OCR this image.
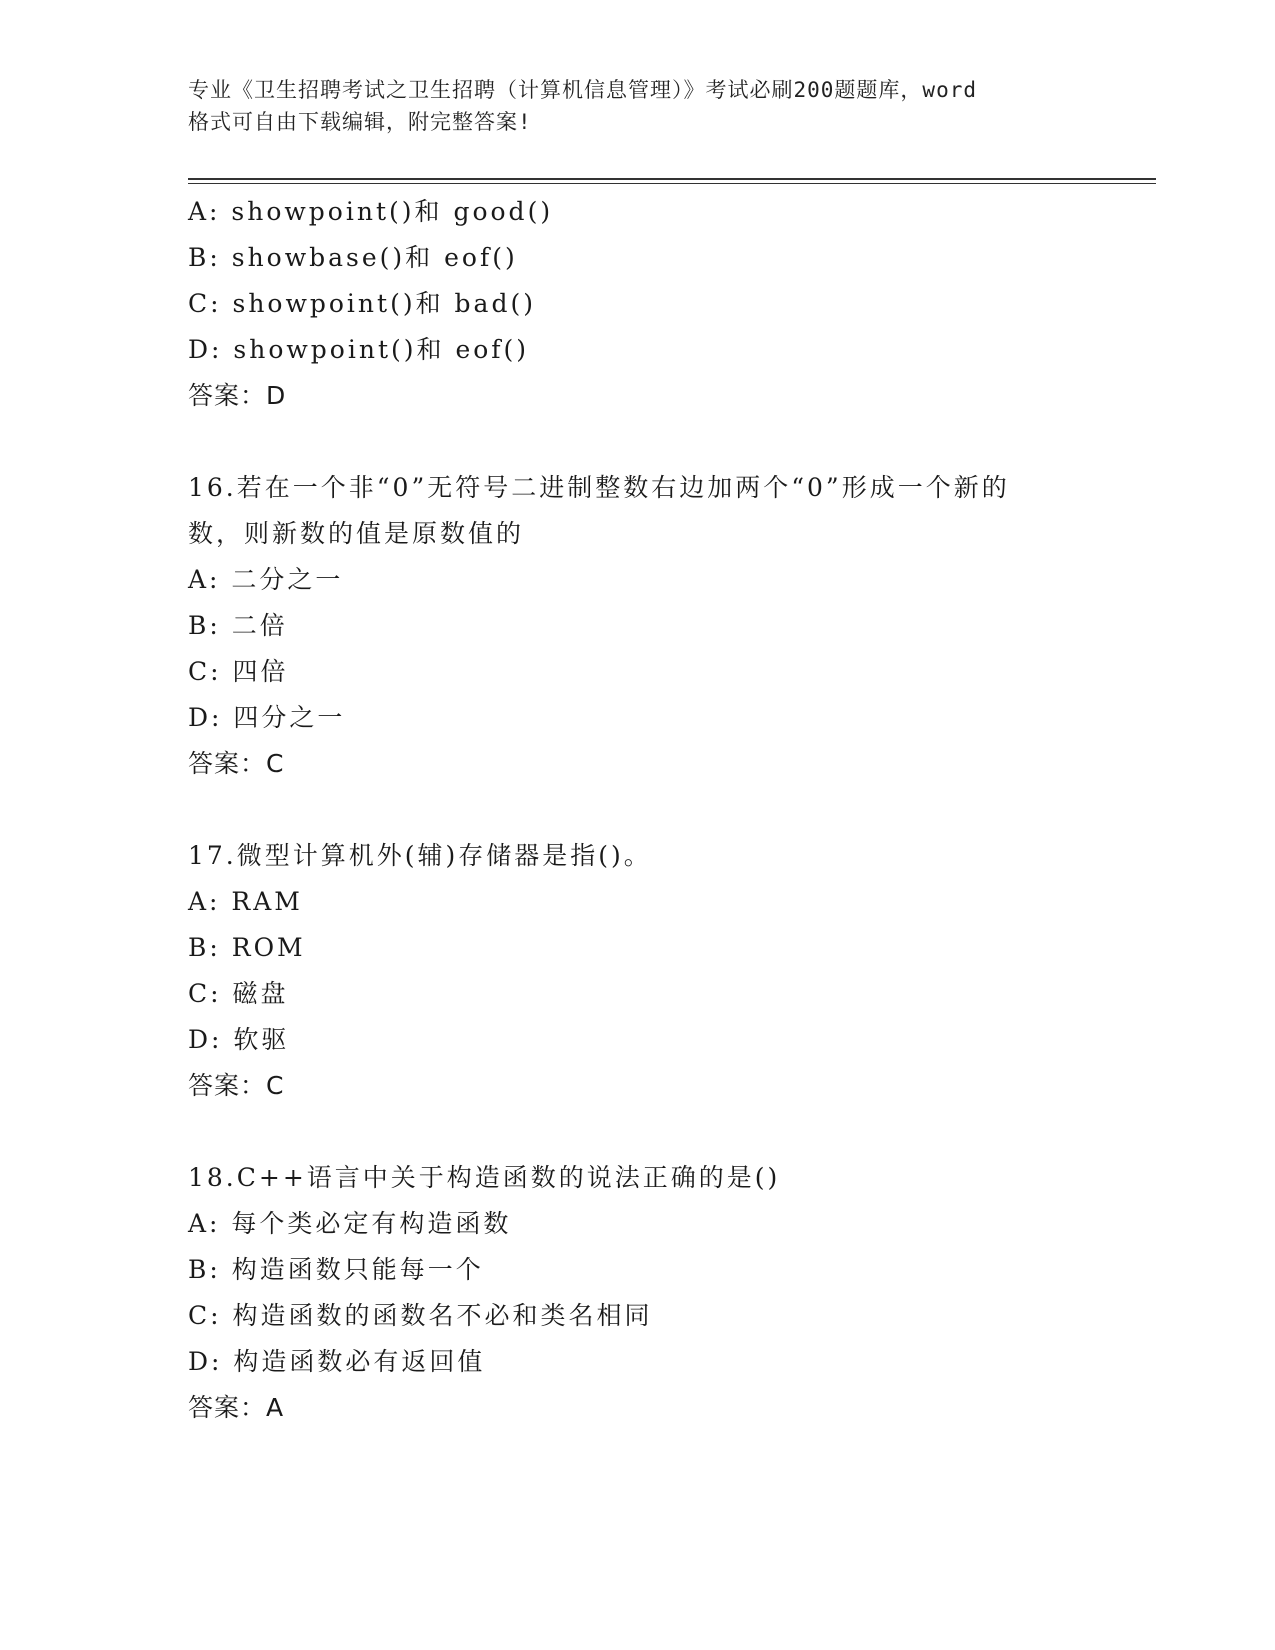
专业《卫生招聘考试之卫生招聘（计算机信息管理）》考试必刷200题题库，word
格式可自由下载编辑，附完整答案!
A: showpoint()和 good()
B: showbase()和 eof()
C: showpoint()和 bad()
D: showpoint()和 eof()
答案：D
16.若在一个非“0”无符号二进制整数右边加两个“0”形成一个新的
数，则新数的值是原数值的
A: 二分之一
B: 二倍
C: 四倍
D: 四分之一
答案：C
17.微型计算机外(辅)存储器是指()。
A: RAM
B: ROM
C: 磁盘
D: 软驱
答案：C
18.C++语言中关于构造函数的说法正确的是()
A: 每个类必定有构造函数
B: 构造函数只能每一个
C: 构造函数的函数名不必和类名相同
D: 构造函数必有返回值
答案：A
